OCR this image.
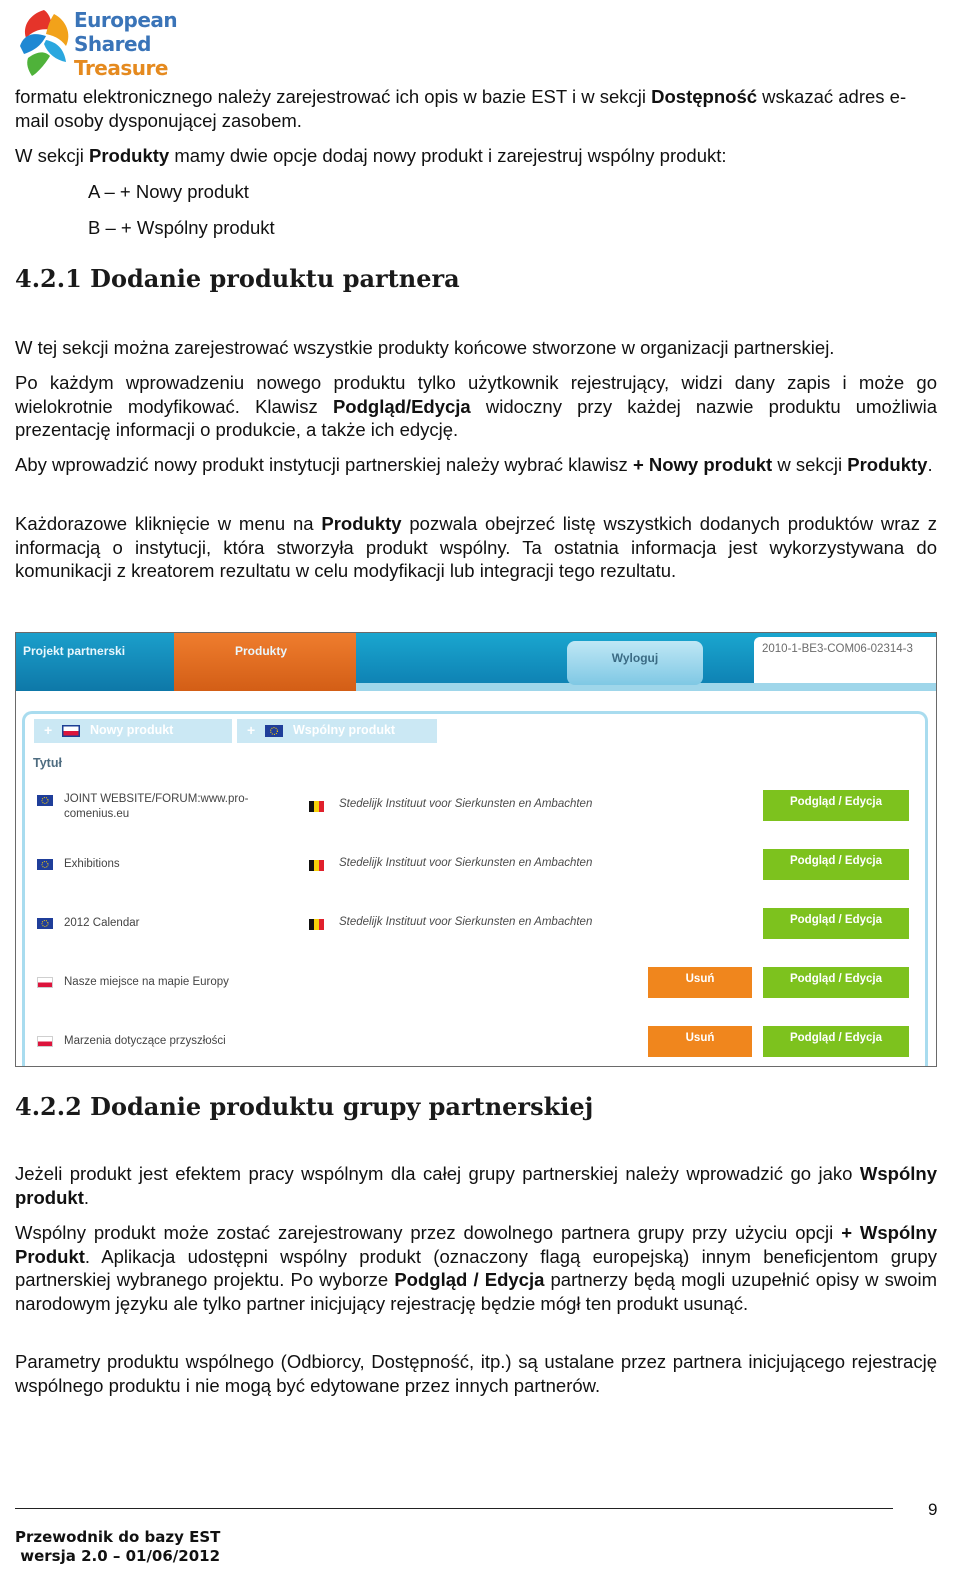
European
Shared
Treasure
formatu elektronicznego należy zarejestrować ich opis w bazie EST i w sekcji Dostępność wskazać adres e-mail osoby dysponującej zasobem.
W sekcji Produkty mamy dwie opcje dodaj nowy produkt i zarejestruj wspólny produkt:
A – + Nowy produkt
B – + Wspólny produkt
4.2.1 Dodanie produktu partnera
W tej sekcji można zarejestrować wszystkie produkty końcowe stworzone w organizacji partnerskiej.
Po każdym wprowadzeniu nowego produktu tylko użytkownik rejestrujący, widzi dany zapis i może go wielokrotnie modyfikować. Klawisz Podgląd/Edycja widoczny przy każdej nazwie produktu umożliwia prezentację informacji o produkcie, a także ich edycję.
Aby wprowadzić nowy produkt instytucji partnerskiej należy wybrać klawisz + Nowy produkt w sekcji Produkty.
Każdorazowe kliknięcie w menu na Produkty pozwala obejrzeć listę wszystkich dodanych produktów wraz z informacją o instytucji, która stworzyła produkt wspólny. Ta ostatnia informacja jest wykorzystywana do komunikacji z kreatorem rezultatu w celu modyfikacji lub integracji tego rezultatu.
Projekt partnerski	Produkty	Wyloguj
2010-1-BE3-COM06-02314-3
+	Nowy produkt	+	Wspólny produkt
Tytuł
JOINT WEBSITE/FORUM:www.pro-
comenius.eu
Stedelijk Instituut voor Sierkunsten en Ambachten	Podgląd / Edycja
Exhibitions	Stedelijk Instituut voor Sierkunsten en Ambachten	Podgląd / Edycja
2012 Calendar	Stedelijk Instituut voor Sierkunsten en Ambachten	Podgląd / Edycja
Nasze miejsce na mapie Europy	Usuń	Podgląd / Edycja
Marzenia dotyczące przyszłości	Usuń	Podgląd / Edycja
4.2.2 Dodanie produktu grupy partnerskiej
Jeżeli produkt jest efektem pracy wspólnym dla całej grupy partnerskiej należy wprowadzić go jako Wspólny produkt.
Wspólny produkt może zostać zarejestrowany przez dowolnego partnera grupy przy użyciu opcji + Wspólny Produkt. Aplikacja udostępni wspólny produkt (oznaczony flagą europejską) innym beneficjentom grupy partnerskiej wybranego projektu. Po wyborze Podgląd / Edycja partnerzy będą mogli uzupełnić opisy w swoim narodowym języku ale tylko partner inicjujący rejestrację będzie mógł ten produkt usunąć.
Parametry produktu wspólnego (Odbiorcy, Dostępność, itp.) są ustalane przez partnera inicjującego rejestrację wspólnego produktu i nie mogą być edytowane przez innych partnerów.
9
Przewodnik do bazy EST
wersja 2.0 – 01/06/2012
